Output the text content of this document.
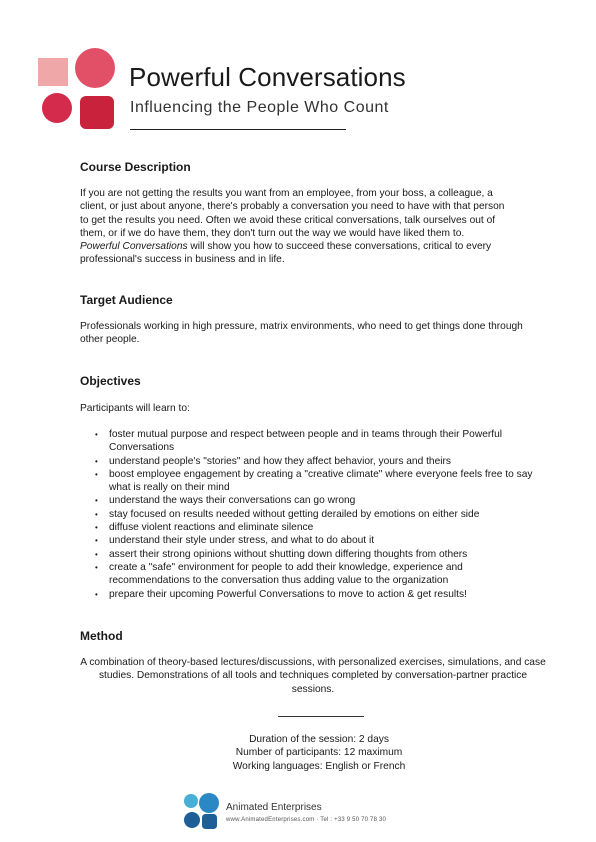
Powerful Conversations
Influencing the People Who Count
Course Description
If you are not getting the results you want from an employee, from your boss, a colleague, a
client, or just about anyone, there's probably a conversation you need to have with that person
to get the results you need. Often we avoid these critical conversations, talk ourselves out of
them, or if we do have them, they don't turn out the way we would have liked them to.
Powerful Conversations will show you how to succeed these conversations, critical to every
professional's success in business and in life.
Target Audience
Professionals working in high pressure, matrix environments, who need to get things done through other people.
Objectives
Participants will learn to:
• foster mutual purpose and respect between people and in teams through their Powerful Conversations
• understand people's "stories" and how they affect behavior, yours and theirs
• boost employee engagement by creating a "creative climate" where everyone feels free to say what is really on their mind
• understand the ways their conversations can go wrong
• stay focused on results needed without getting derailed by emotions on either side
• diffuse violent reactions and eliminate silence
• understand their style under stress, and what to do about it
• assert their strong opinions without shutting down differing thoughts from others
• create a "safe" environment for people to add their knowledge, experience and recommendations to the conversation thus adding value to the organization
• prepare their upcoming Powerful Conversations to move to action & get results!
Method
A combination of theory-based lectures/discussions, with personalized exercises, simulations, and case studies. Demonstrations of all tools and techniques completed by conversation-partner practice sessions.
Duration of the session: 2 days
Number of participants: 12 maximum
Working languages: English or French
Animated Enterprises
www.AnimatedEnterprises.com · Tel : +33 9 50 70 78 30
